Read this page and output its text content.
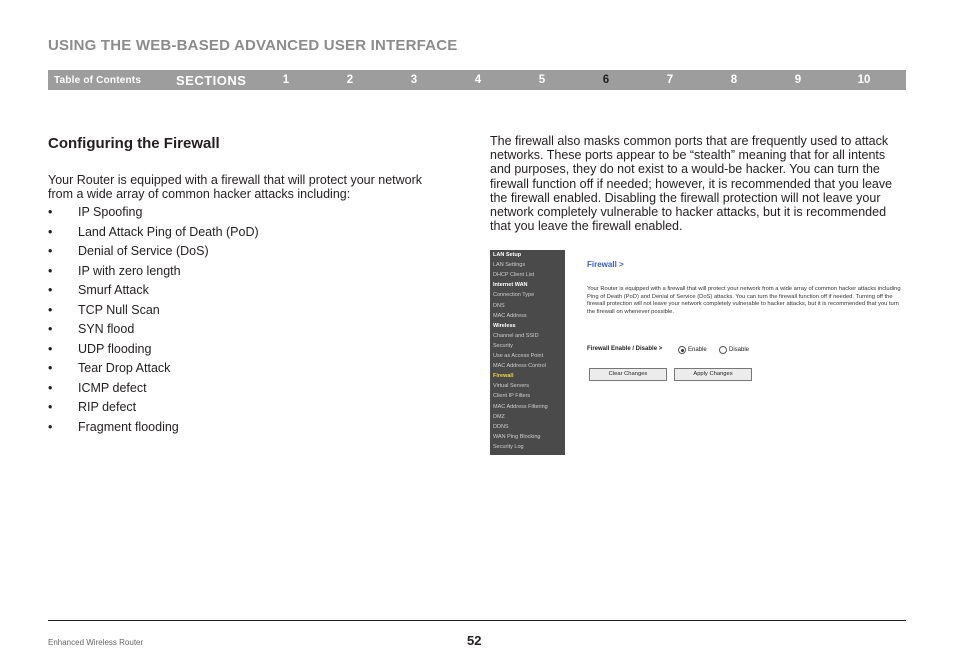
USING THE WEB-BASED ADVANCED USER INTERFACE
Table of Contents	SECTIONS	1	2	3	4	5	6	7	8	9	10
Configuring the Firewall
Your Router is equipped with a firewall that will protect your network from a wide array of common hacker attacks including:
• IP Spoofing
• Land Attack Ping of Death (PoD)
• Denial of Service (DoS)
• IP with zero length
• Smurf Attack
• TCP Null Scan
• SYN flood
• UDP flooding
• Tear Drop Attack
• ICMP defect
• RIP defect
• Fragment flooding
The firewall also masks common ports that are frequently used to attack networks. These ports appear to be “stealth” meaning that for all intents and purposes, they do not exist to a would-be hacker. You can turn the firewall function off if needed; however, it is recommended that you leave the firewall enabled. Disabling the firewall protection will not leave your network completely vulnerable to hacker attacks, but it is recommended that you leave the firewall enabled.
LAN Setup
LAN Settings
DHCP Client List
Internet WAN
Connection Type
DNS
MAC Address
Wireless
Channel and SSID
Security
Use as Access Point
MAC Address Control
Firewall
Virtual Servers
Client IP Filters
MAC Address Filtering
DMZ
DDNS
WAN Ping Blocking
Security Log
Firewall >
Your Router is equipped with a firewall that will protect your network from a wide array of common hacker attacks including Ping of Death (PoD) and Denial of Service (DoS) attacks. You can turn the firewall function off if needed. Turning off the firewall protection will not leave your network completely vulnerable to hacker attacks, but it is recommended that you turn the firewall on whenever possible.
Firewall Enable / Disable >	Enable	Disable
Clear Changes	Apply Changes
Enhanced Wireless Router	52
